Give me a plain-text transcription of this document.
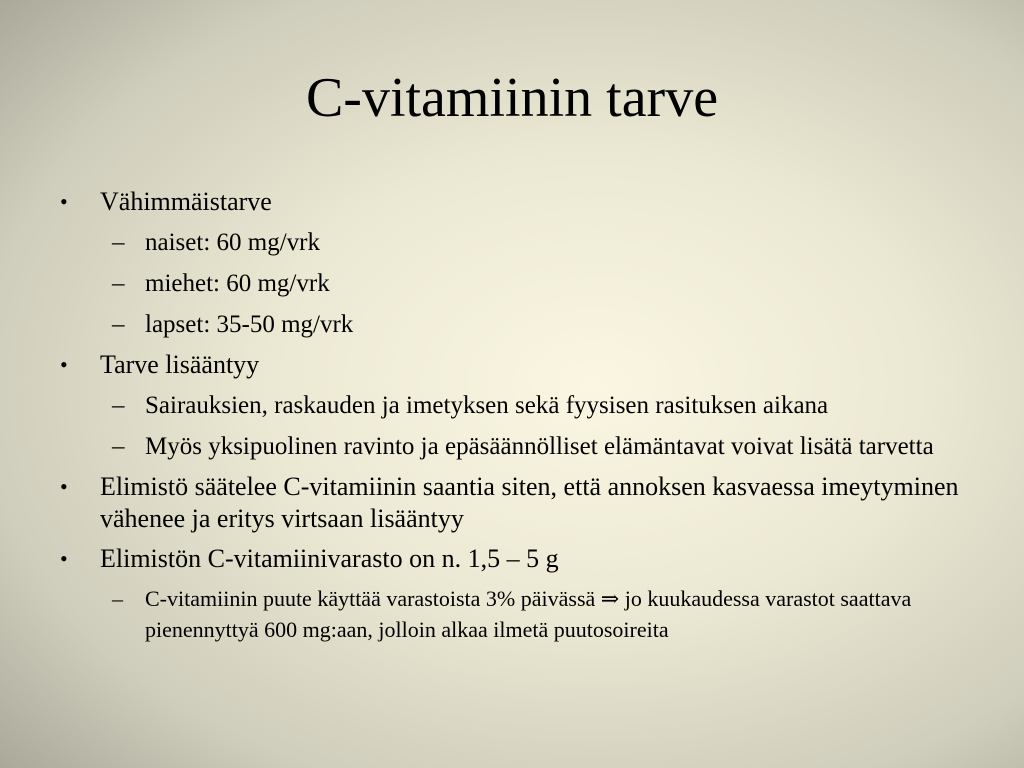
C-vitamiinin tarve
•	Vähimmäistarve
– naiset: 60 mg/vrk
– miehet: 60 mg/vrk
– lapset: 35-50 mg/vrk
•	Tarve lisääntyy
– Sairauksien, raskauden ja imetyksen sekä fyysisen rasituksen aikana
– Myös yksipuolinen ravinto ja epäsäännölliset elämäntavat voivat lisätä tarvetta
•	Elimistö säätelee C-vitamiinin saantia siten, että annoksen kasvaessa imeytyminen vähenee ja eritys virtsaan lisääntyy
•	Elimistön C-vitamiinivarasto on n. 1,5 – 5 g
– C-vitamiinin puute käyttää varastoista 3% päivässä ⇒ jo kuukaudessa varastot saattava pienennyttyä 600 mg:aan, jolloin alkaa ilmetä puutosoireita
